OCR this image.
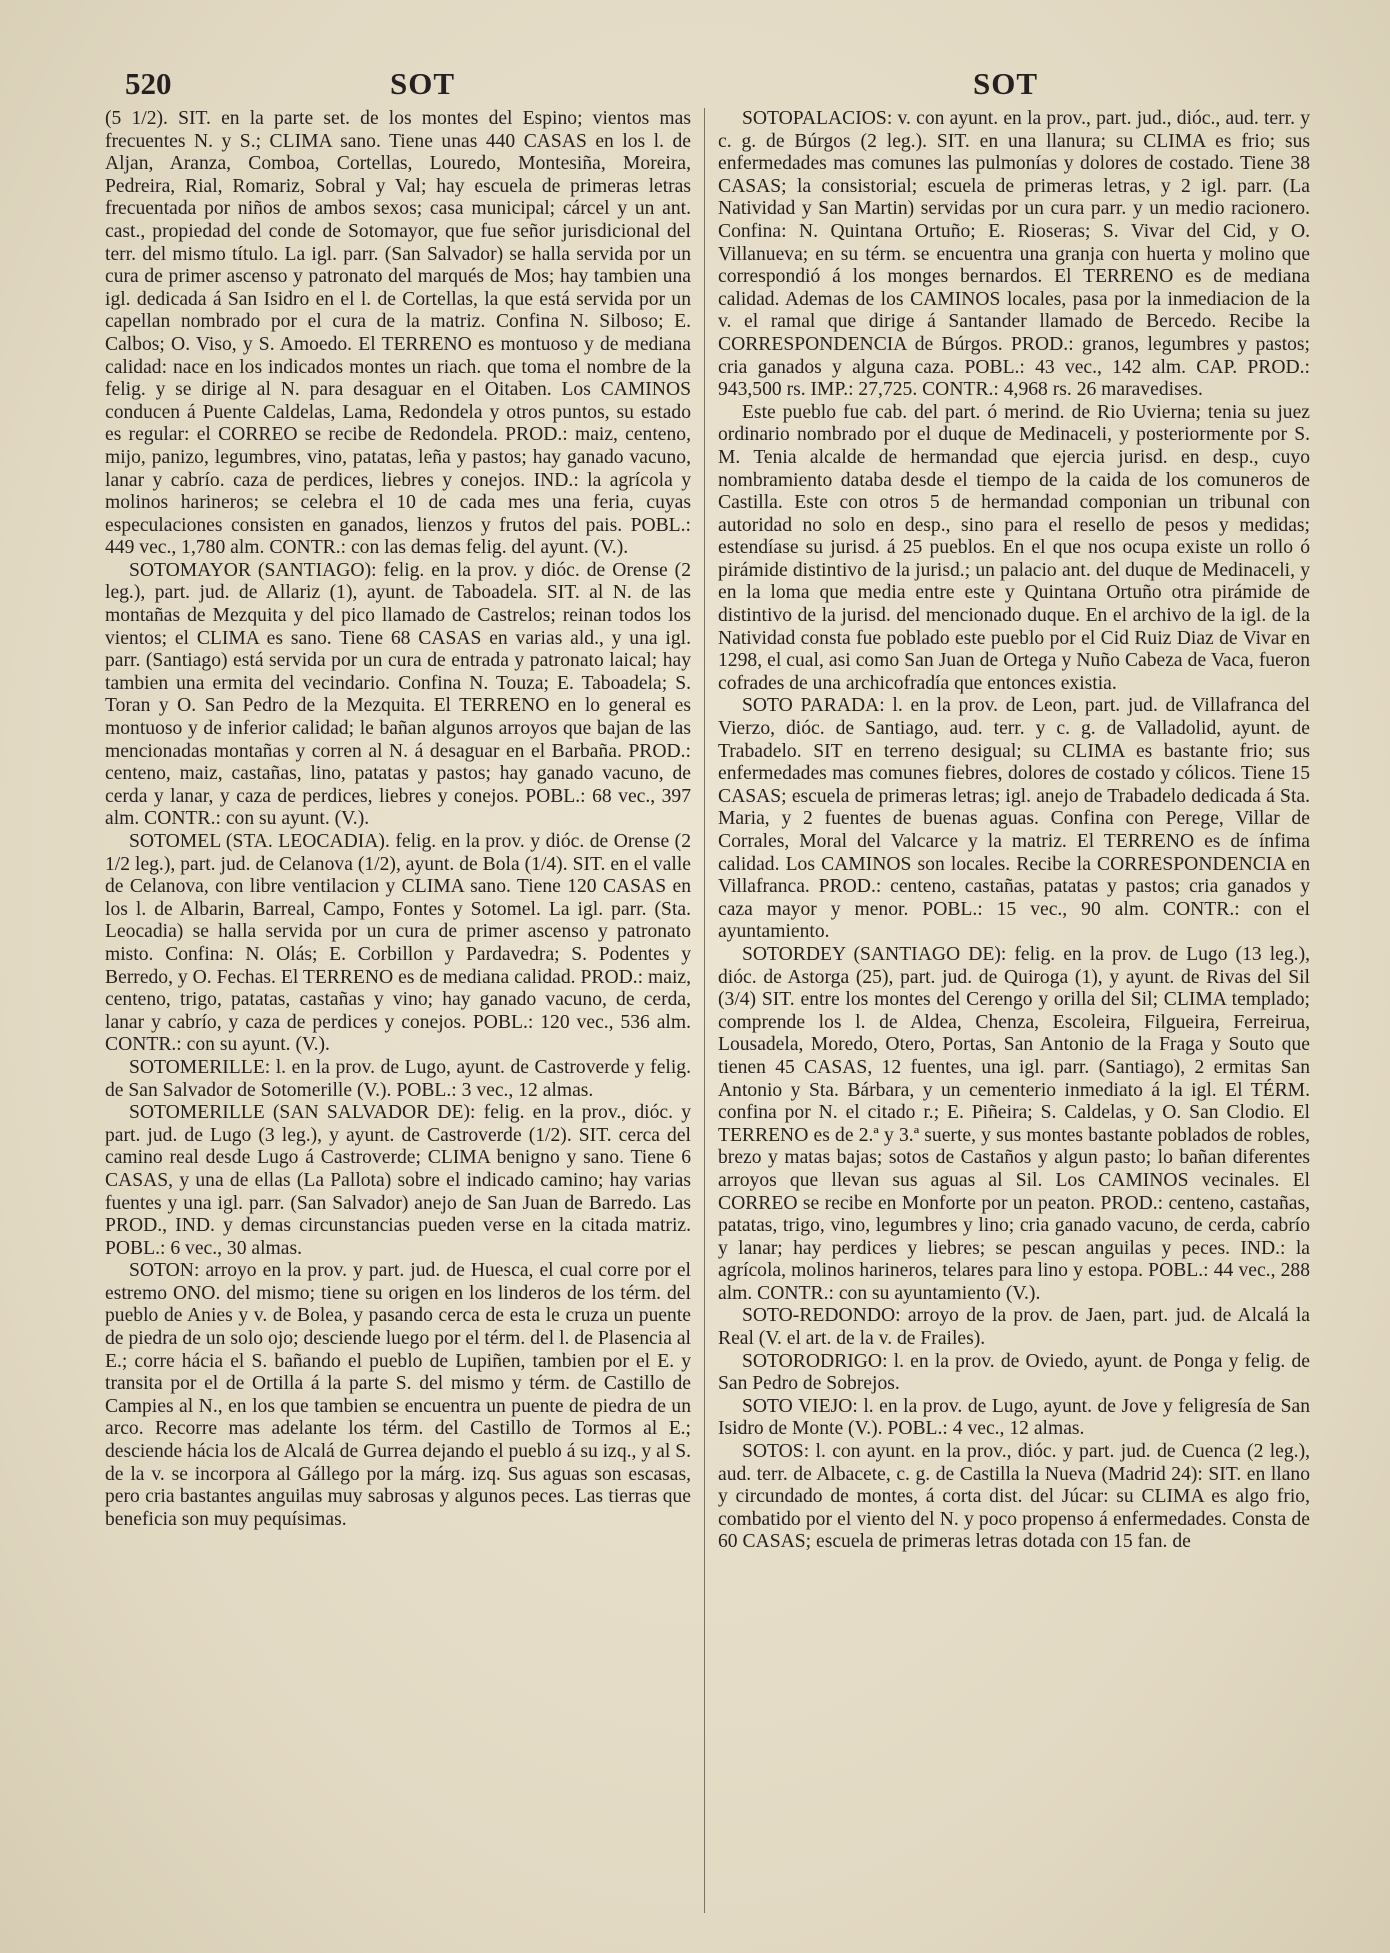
520	SOT	SOT

(5 1/2). SIT. en la parte set. de los montes del Espino; vientos mas frecuentes N. y S.; CLIMA sano. Tiene unas 440 CASAS en los l. de Aljan, Aranza, Comboa, Cortellas, Louredo, Montesiña, Moreira, Pedreira, Rial, Romariz, Sobral y Val; hay escuela de primeras letras frecuentada por niños de ambos sexos; casa municipal; cárcel y un ant. cast., propiedad del conde de Sotomayor, que fue señor jurisdicional del terr. del mismo título. La igl. parr. (San Salvador) se halla servida por un cura de primer ascenso y patronato del marqués de Mos; hay tambien una igl. dedicada á San Isidro en el l. de Cortellas, la que está servida por un capellan nombrado por el cura de la matriz. Confina N. Silboso; E. Calbos; O. Viso, y S. Amoedo. El TERRENO es montuoso y de mediana calidad: nace en los indicados montes un riach. que toma el nombre de la felig. y se dirige al N. para desaguar en el Oitaben. Los CAMINOS conducen á Puente Caldelas, Lama, Redondela y otros puntos, su estado es regular: el CORREO se recibe de Redondela. PROD.: maiz, centeno, mijo, panizo, legumbres, vino, patatas, leña y pastos; hay ganado vacuno, lanar y cabrío. caza de perdices, liebres y conejos. IND.: la agrícola y molinos harineros; se celebra el 10 de cada mes una feria, cuyas especulaciones consisten en ganados, lienzos y frutos del pais. POBL.: 449 vec., 1,780 alm. CONTR.: con las demas felig. del ayunt. (V.).

SOTOMAYOR (SANTIAGO): felig. en la prov. y dióc. de Orense (2 leg.), part. jud. de Allariz (1), ayunt. de Taboadela. SIT. al N. de las montañas de Mezquita y del pico llamado de Castrelos; reinan todos los vientos; el CLIMA es sano. Tiene 68 CASAS en varias ald., y una igl. parr. (Santiago) está servida por un cura de entrada y patronato laical; hay tambien una ermita del vecindario. Confina N. Touza; E. Taboadela; S. Toran y O. San Pedro de la Mezquita. El TERRENO en lo general es montuoso y de inferior calidad; le bañan algunos arroyos que bajan de las mencionadas montañas y corren al N. á desaguar en el Barbaña. PROD.: centeno, maiz, castañas, lino, patatas y pastos; hay ganado vacuno, de cerda y lanar, y caza de perdices, liebres y conejos. POBL.: 68 vec., 397 alm. CONTR.: con su ayunt. (V.).

SOTOMEL (STA. LEOCADIA). felig. en la prov. y dióc. de Orense (2 1/2 leg.), part. jud. de Celanova (1/2), ayunt. de Bola (1/4). SIT. en el valle de Celanova, con libre ventilacion y CLIMA sano. Tiene 120 CASAS en los l. de Albarin, Barreal, Campo, Fontes y Sotomel. La igl. parr. (Sta. Leocadia) se halla servida por un cura de primer ascenso y patronato misto. Confina: N. Olás; E. Corbillon y Pardavedra; S. Podentes y Berredo, y O. Fechas. El TERRENO es de mediana calidad. PROD.: maiz, centeno, trigo, patatas, castañas y vino; hay ganado vacuno, de cerda, lanar y cabrío, y caza de perdices y conejos. POBL.: 120 vec., 536 alm. CONTR.: con su ayunt. (V.).

SOTOMERILLE: l. en la prov. de Lugo, ayunt. de Castroverde y felig. de San Salvador de Sotomerille (V.). POBL.: 3 vec., 12 almas.

SOTOMERILLE (SAN SALVADOR DE): felig. en la prov., dióc. y part. jud. de Lugo (3 leg.), y ayunt. de Castroverde (1/2). SIT. cerca del camino real desde Lugo á Castroverde; CLIMA benigno y sano. Tiene 6 CASAS, y una de ellas (La Pallota) sobre el indicado camino; hay varias fuentes y una igl. parr. (San Salvador) anejo de San Juan de Barredo. Las PROD., IND. y demas circunstancias pueden verse en la citada matriz. POBL.: 6 vec., 30 almas.

SOTON: arroyo en la prov. y part. jud. de Huesca, el cual corre por el estremo ONO. del mismo; tiene su origen en los linderos de los térm. del pueblo de Anies y v. de Bolea, y pasando cerca de esta le cruza un puente de piedra de un solo ojo; desciende luego por el térm. del l. de Plasencia al E.; corre hácia el S. bañando el pueblo de Lupiñen, tambien por el E. y transita por el de Ortilla á la parte S. del mismo y térm. de Castillo de Campies al N., en los que tambien se encuentra un puente de piedra de un arco. Recorre mas adelante los térm. del Castillo de Tormos al E.; desciende hácia los de Alcalá de Gurrea dejando el pueblo á su izq., y al S. de la v. se incorpora al Gállego por la márg. izq. Sus aguas son escasas, pero cria bastantes anguilas muy sabrosas y algunos peces. Las tierras que beneficia son muy pequísimas.

SOTOPALACIOS: v. con ayunt. en la prov., part. jud., dióc., aud. terr. y c. g. de Búrgos (2 leg.). SIT. en una llanura; su CLIMA es frio; sus enfermedades mas comunes las pulmonías y dolores de costado. Tiene 38 CASAS; la consistorial; escuela de primeras letras, y 2 igl. parr. (La Natividad y San Martin) servidas por un cura parr. y un medio racionero. Confina: N. Quintana Ortuño; E. Rioseras; S. Vivar del Cid, y O. Villanueva; en su térm. se encuentra una granja con huerta y molino que correspondió á los monges bernardos. El TERRENO es de mediana calidad. Ademas de los CAMINOS locales, pasa por la inmediacion de la v. el ramal que dirige á Santander llamado de Bercedo. Recibe la CORRESPONDENCIA de Búrgos. PROD.: granos, legumbres y pastos; cria ganados y alguna caza. POBL.: 43 vec., 142 alm. CAP. PROD.: 943,500 rs. IMP.: 27,725. CONTR.: 4,968 rs. 26 maravedises.

Este pueblo fue cab. del part. ó merind. de Rio Uvierna; tenia su juez ordinario nombrado por el duque de Medinaceli, y posteriormente por S. M. Tenia alcalde de hermandad que ejercia jurisd. en desp., cuyo nombramiento databa desde el tiempo de la caida de los comuneros de Castilla. Este con otros 5 de hermandad componian un tribunal con autoridad no solo en desp., sino para el resello de pesos y medidas; estendíase su jurisd. á 25 pueblos. En el que nos ocupa existe un rollo ó pirámide distintivo de la jurisd.; un palacio ant. del duque de Medinaceli, y en la loma que media entre este y Quintana Ortuño otra pirámide de distintivo de la jurisd. del mencionado duque. En el archivo de la igl. de la Natividad consta fue poblado este pueblo por el Cid Ruiz Diaz de Vivar en 1298, el cual, asi como San Juan de Ortega y Nuño Cabeza de Vaca, fueron cofrades de una archicofradía que entonces existia.

SOTO PARADA: l. en la prov. de Leon, part. jud. de Villafranca del Vierzo, dióc. de Santiago, aud. terr. y c. g. de Valladolid, ayunt. de Trabadelo. SIT en terreno desigual; su CLIMA es bastante frio; sus enfermedades mas comunes fiebres, dolores de costado y cólicos. Tiene 15 CASAS; escuela de primeras letras; igl. anejo de Trabadelo dedicada á Sta. Maria, y 2 fuentes de buenas aguas. Confina con Perege, Villar de Corrales, Moral del Valcarce y la matriz. El TERRENO es de ínfima calidad. Los CAMINOS son locales. Recibe la CORRESPONDENCIA en Villafranca. PROD.: centeno, castañas, patatas y pastos; cria ganados y caza mayor y menor. POBL.: 15 vec., 90 alm. CONTR.: con el ayuntamiento.

SOTORDEY (SANTIAGO DE): felig. en la prov. de Lugo (13 leg.), dióc. de Astorga (25), part. jud. de Quiroga (1), y ayunt. de Rivas del Sil (3/4) SIT. entre los montes del Cerengo y orilla del Sil; CLIMA templado; comprende los l. de Aldea, Chenza, Escoleira, Filgueira, Ferreirua, Lousadela, Moredo, Otero, Portas, San Antonio de la Fraga y Souto que tienen 45 CASAS, 12 fuentes, una igl. parr. (Santiago), 2 ermitas San Antonio y Sta. Bárbara, y un cementerio inmediato á la igl. El TÉRM. confina por N. el citado r.; E. Piñeira; S. Caldelas, y O. San Clodio. El TERRENO es de 2.ª y 3.ª suerte, y sus montes bastante poblados de robles, brezo y matas bajas; sotos de Castaños y algun pasto; lo bañan diferentes arroyos que llevan sus aguas al Sil. Los CAMINOS vecinales. El CORREO se recibe en Monforte por un peaton. PROD.: centeno, castañas, patatas, trigo, vino, legumbres y lino; cria ganado vacuno, de cerda, cabrío y lanar; hay perdices y liebres; se pescan anguilas y peces. IND.: la agrícola, molinos harineros, telares para lino y estopa. POBL.: 44 vec., 288 alm. CONTR.: con su ayuntamiento (V.).

SOTO-REDONDO: arroyo de la prov. de Jaen, part. jud. de Alcalá la Real (V. el art. de la v. de Frailes).

SOTORODRIGO: l. en la prov. de Oviedo, ayunt. de Ponga y felig. de San Pedro de Sobrejos.

SOTO VIEJO: l. en la prov. de Lugo, ayunt. de Jove y feligresía de San Isidro de Monte (V.). POBL.: 4 vec., 12 almas.

SOTOS: l. con ayunt. en la prov., dióc. y part. jud. de Cuenca (2 leg.), aud. terr. de Albacete, c. g. de Castilla la Nueva (Madrid 24): SIT. en llano y circundado de montes, á corta dist. del Júcar: su CLIMA es algo frio, combatido por el viento del N. y poco propenso á enfermedades. Consta de 60 CASAS; escuela de primeras letras dotada con 15 fan. de
